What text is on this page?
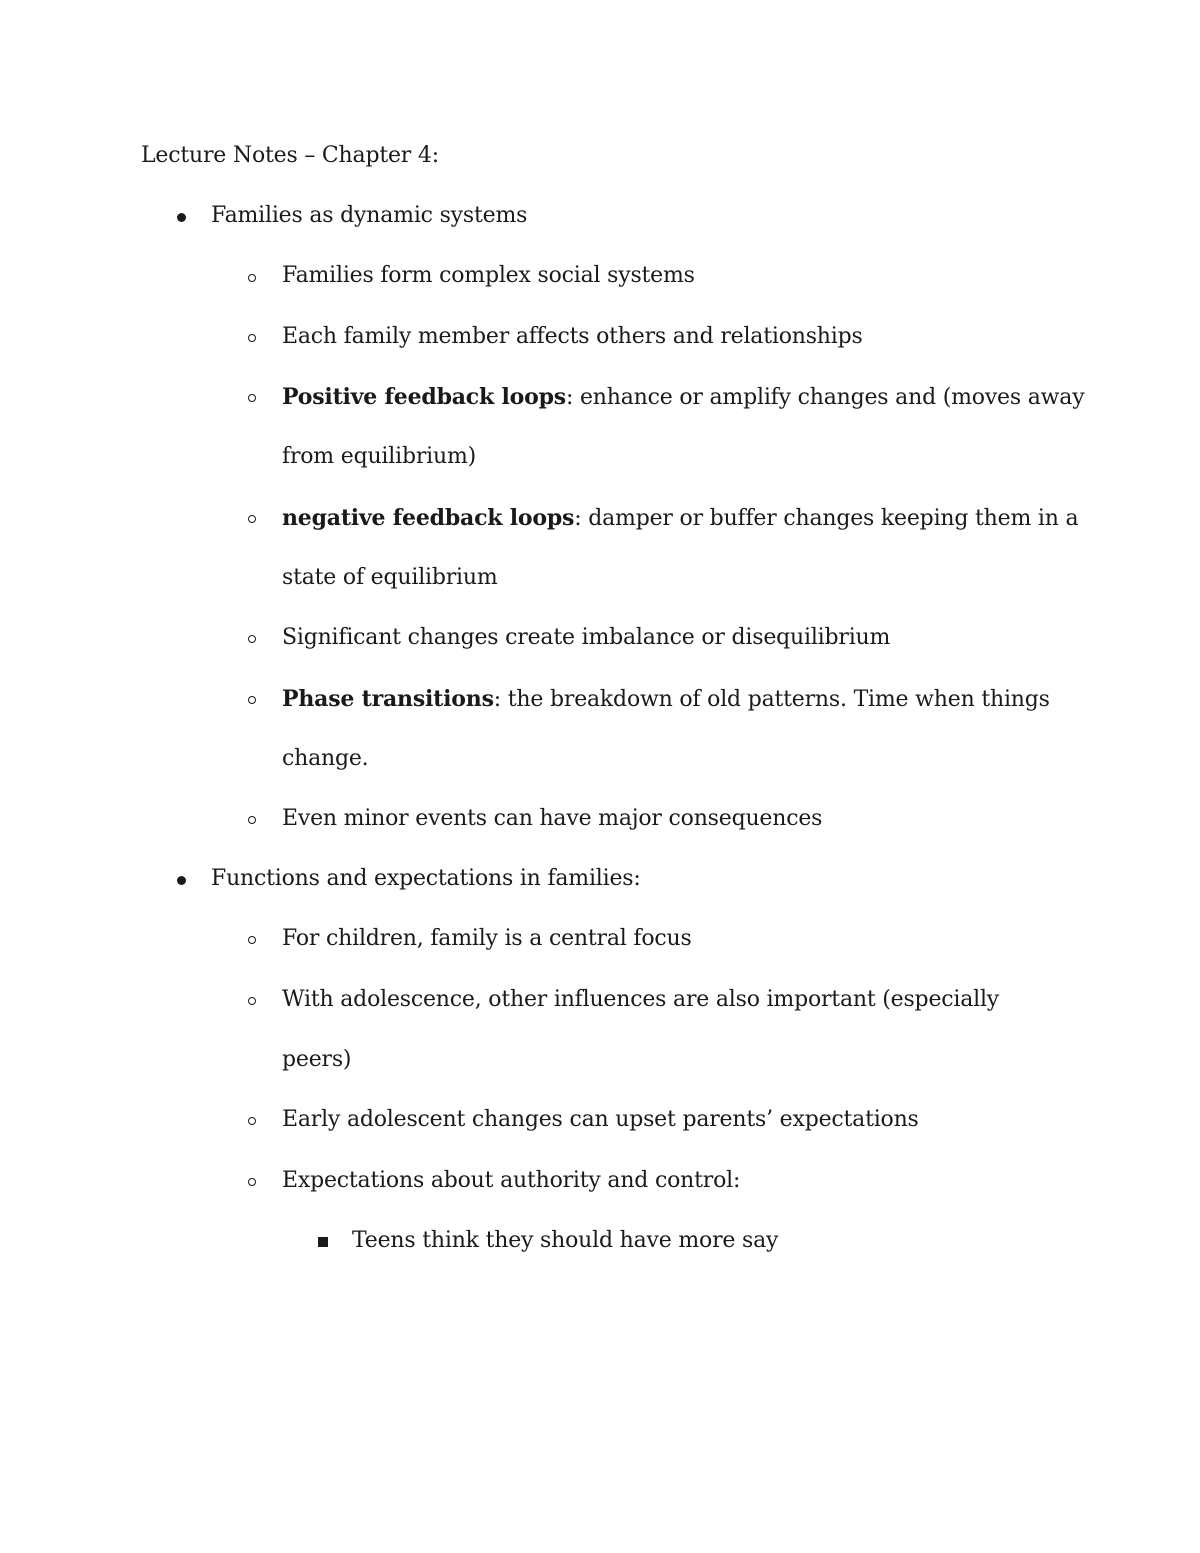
Lecture Notes – Chapter 4:
Families as dynamic systems
Families form complex social systems
Each family member affects others and relationships
Positive feedback loops: enhance or amplify changes and (moves away
from equilibrium)
negative feedback loops: damper or buffer changes keeping them in a
state of equilibrium
Significant changes create imbalance or disequilibrium
Phase transitions: the breakdown of old patterns. Time when things
change.
Even minor events can have major consequences
Functions and expectations in families:
For children, family is a central focus
With adolescence, other influences are also important (especially
peers)
Early adolescent changes can upset parents’ expectations
Expectations about authority and control:
Teens think they should have more say
